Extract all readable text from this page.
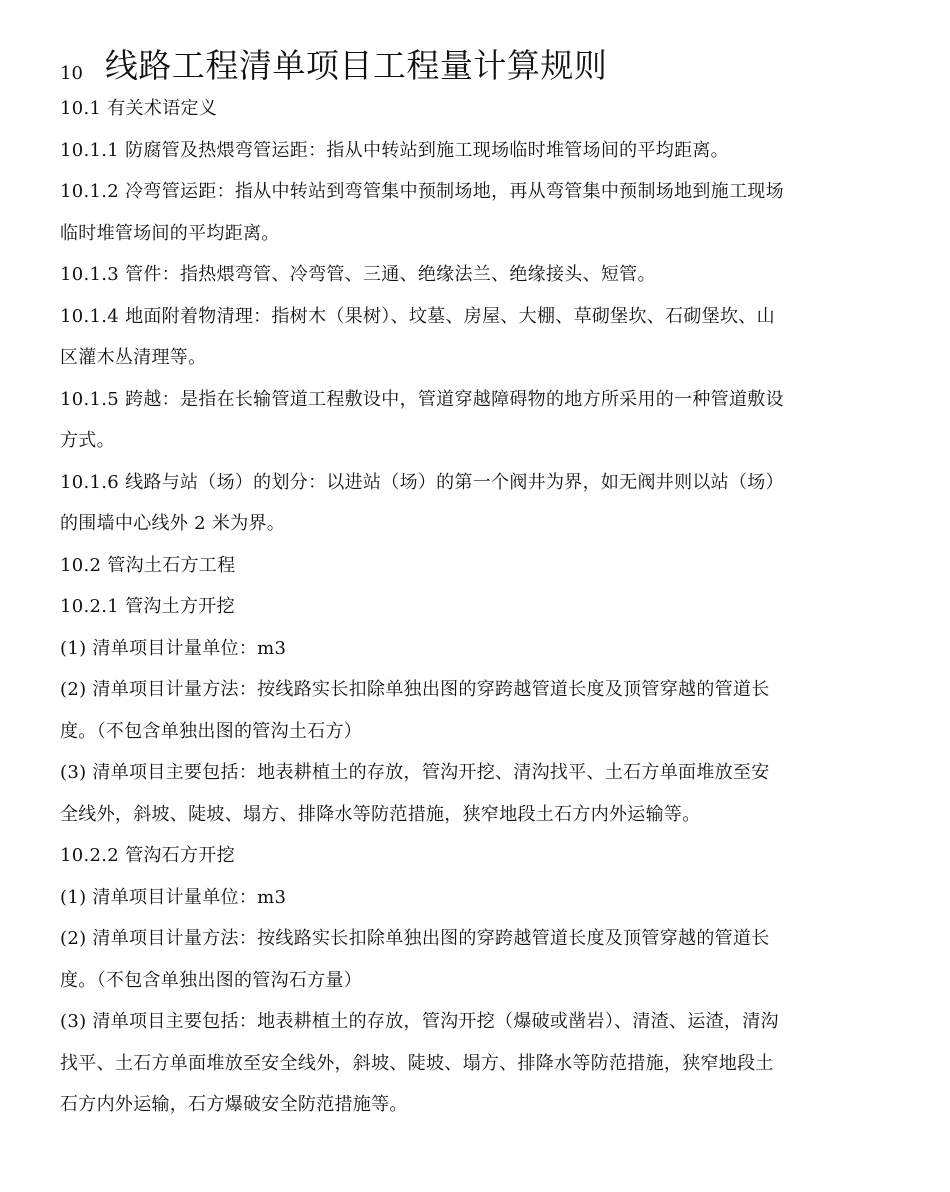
10 线路工程清单项目工程量计算规则
10.1 有关术语定义
10.1.1 防腐管及热煨弯管运距：指从中转站到施工现场临时堆管场间的平均距离。
10.1.2 冷弯管运距：指从中转站到弯管集中预制场地，再从弯管集中预制场地到施工现场
临时堆管场间的平均距离。
10.1.3 管件：指热煨弯管、冷弯管、三通、绝缘法兰、绝缘接头、短管。
10.1.4 地面附着物清理：指树木（果树）、坟墓、房屋、大棚、草砌堡坎、石砌堡坎、山
区灌木丛清理等。
10.1.5 跨越：是指在长输管道工程敷设中，管道穿越障碍物的地方所采用的一种管道敷设
方式。
10.1.6 线路与站（场）的划分：以进站（场）的第一个阀井为界，如无阀井则以站（场）
的围墙中心线外 2 米为界。
10.2 管沟土石方工程
10.2.1 管沟土方开挖
(1) 清单项目计量单位：m3
(2) 清单项目计量方法：按线路实长扣除单独出图的穿跨越管道长度及顶管穿越的管道长
度。（不包含单独出图的管沟土石方）
(3) 清单项目主要包括：地表耕植土的存放，管沟开挖、清沟找平、土石方单面堆放至安
全线外，斜坡、陡坡、塌方、排降水等防范措施，狭窄地段土石方内外运输等。
10.2.2 管沟石方开挖
(1) 清单项目计量单位：m3
(2) 清单项目计量方法：按线路实长扣除单独出图的穿跨越管道长度及顶管穿越的管道长
度。（不包含单独出图的管沟石方量）
(3) 清单项目主要包括：地表耕植土的存放，管沟开挖（爆破或凿岩）、清渣、运渣，清沟
找平、土石方单面堆放至安全线外，斜坡、陡坡、塌方、排降水等防范措施，狭窄地段土
石方内外运输，石方爆破安全防范措施等。
